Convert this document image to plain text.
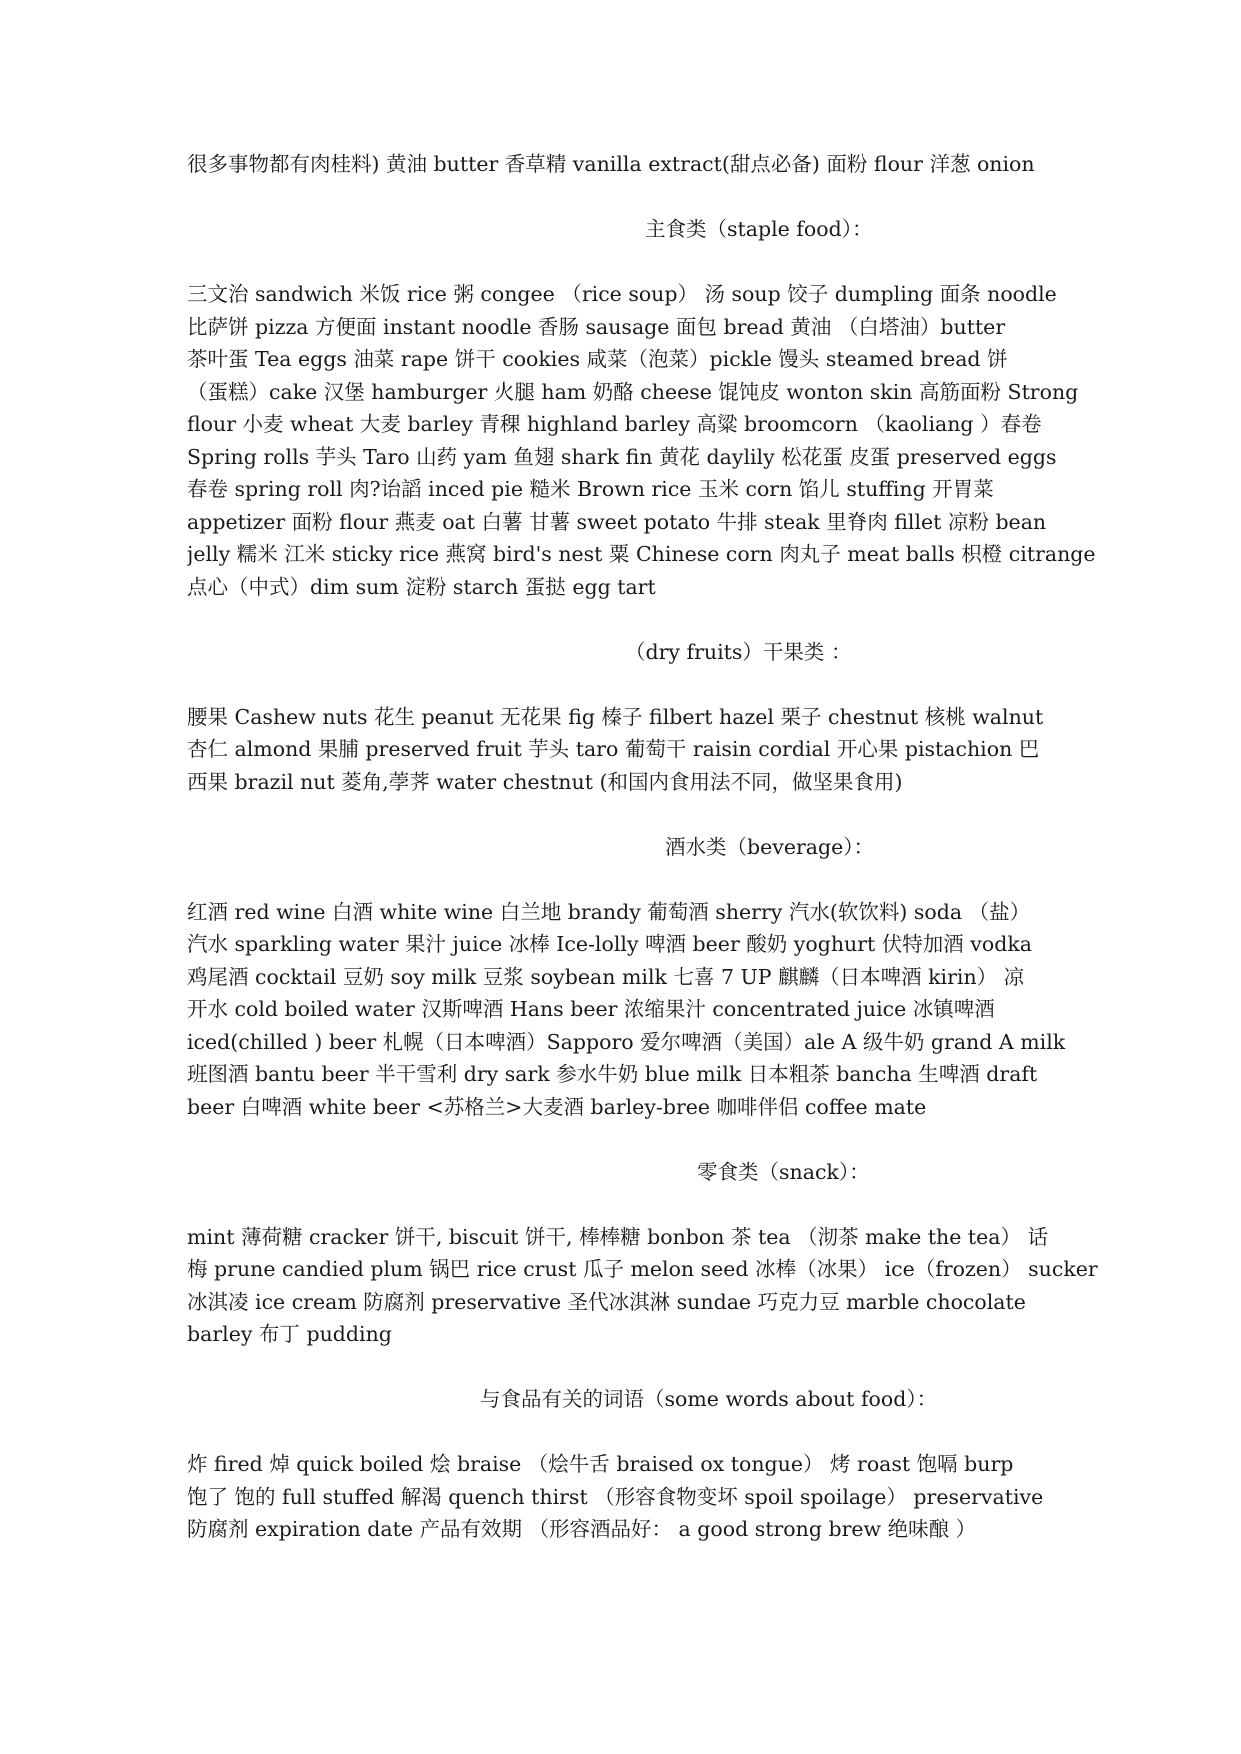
很多事物都有肉桂料) 黄油 butter 香草精 vanilla extract(甜点必备) 面粉 flour 洋葱 onion
主食类（staple food）：
三文治 sandwich 米饭 rice 粥 congee （rice soup） 汤 soup 饺子 dumpling 面条 noodle
比萨饼 pizza 方便面 instant noodle 香肠 sausage 面包 bread 黄油 （白塔油）butter
茶叶蛋 Tea eggs 油菜 rape 饼干 cookies 咸菜（泡菜）pickle 馒头 steamed bread 饼
（蛋糕）cake 汉堡 hamburger 火腿 ham 奶酪 cheese 馄饨皮 wonton skin 高筋面粉 Strong
flour 小麦 wheat 大麦 barley 青稞 highland barley 高粱 broomcorn （kaoliang ）春卷
Spring rolls 芋头 Taro 山药 yam 鱼翅 shark fin 黄花 daylily 松花蛋 皮蛋 preserved eggs
春卷 spring roll 肉?诒謟 inced pie 糙米 Brown rice 玉米 corn 馅儿 stuffing 开胃菜
appetizer 面粉 flour 燕麦 oat 白薯 甘薯 sweet potato 牛排 steak 里脊肉 fillet 凉粉 bean
jelly 糯米 江米 sticky rice 燕窝 bird's nest 粟 Chinese corn 肉丸子 meat balls 枳橙 citrange
点心（中式）dim sum 淀粉 starch 蛋挞 egg tart
（dry fruits）干果类 ：
腰果 Cashew nuts 花生 peanut 无花果 fig 榛子 filbert hazel 栗子 chestnut 核桃 walnut
杏仁 almond 果脯 preserved fruit 芋头 taro 葡萄干 raisin cordial 开心果 pistachion 巴
西果 brazil nut 菱角,荸荠 water chestnut (和国内食用法不同，做坚果食用)
酒水类（beverage）：
红酒 red wine 白酒 white wine 白兰地 brandy 葡萄酒 sherry 汽水(软饮料) soda （盐）
汽水 sparkling water 果汁 juice 冰棒 Ice-lolly 啤酒 beer 酸奶 yoghurt 伏特加酒 vodka
鸡尾酒 cocktail 豆奶 soy milk 豆浆 soybean milk 七喜 7 UP 麒麟（日本啤酒 kirin） 凉
开水 cold boiled water 汉斯啤酒 Hans beer 浓缩果汁 concentrated juice 冰镇啤酒
iced(chilled ) beer 札幌（日本啤酒）Sapporo 爱尔啤酒（美国）ale A 级牛奶 grand A milk
班图酒 bantu beer 半干雪利 dry sark 参水牛奶 blue milk 日本粗茶 bancha 生啤酒 draft
beer 白啤酒 white beer <苏格兰>大麦酒 barley-bree 咖啡伴侣 coffee mate
零食类（snack）：
mint 薄荷糖 cracker 饼干, biscuit 饼干, 棒棒糖 bonbon 茶 tea （沏茶 make the tea） 话
梅 prune candied plum 锅巴 rice crust 瓜子 melon seed 冰棒（冰果） ice（frozen） sucker
冰淇凌 ice cream 防腐剂 preservative 圣代冰淇淋 sundae 巧克力豆 marble chocolate
barley 布丁 pudding
与食品有关的词语（some words about food）：
炸 fired 焯 quick boiled 烩 braise （烩牛舌 braised ox tongue） 烤 roast 饱嗝 burp
饱了 饱的 full stuffed 解渴 quench thirst （形容食物变坏 spoil spoilage） preservative
防腐剂 expiration date 产品有效期 （形容酒品好： a good strong brew 绝味酿 ）
